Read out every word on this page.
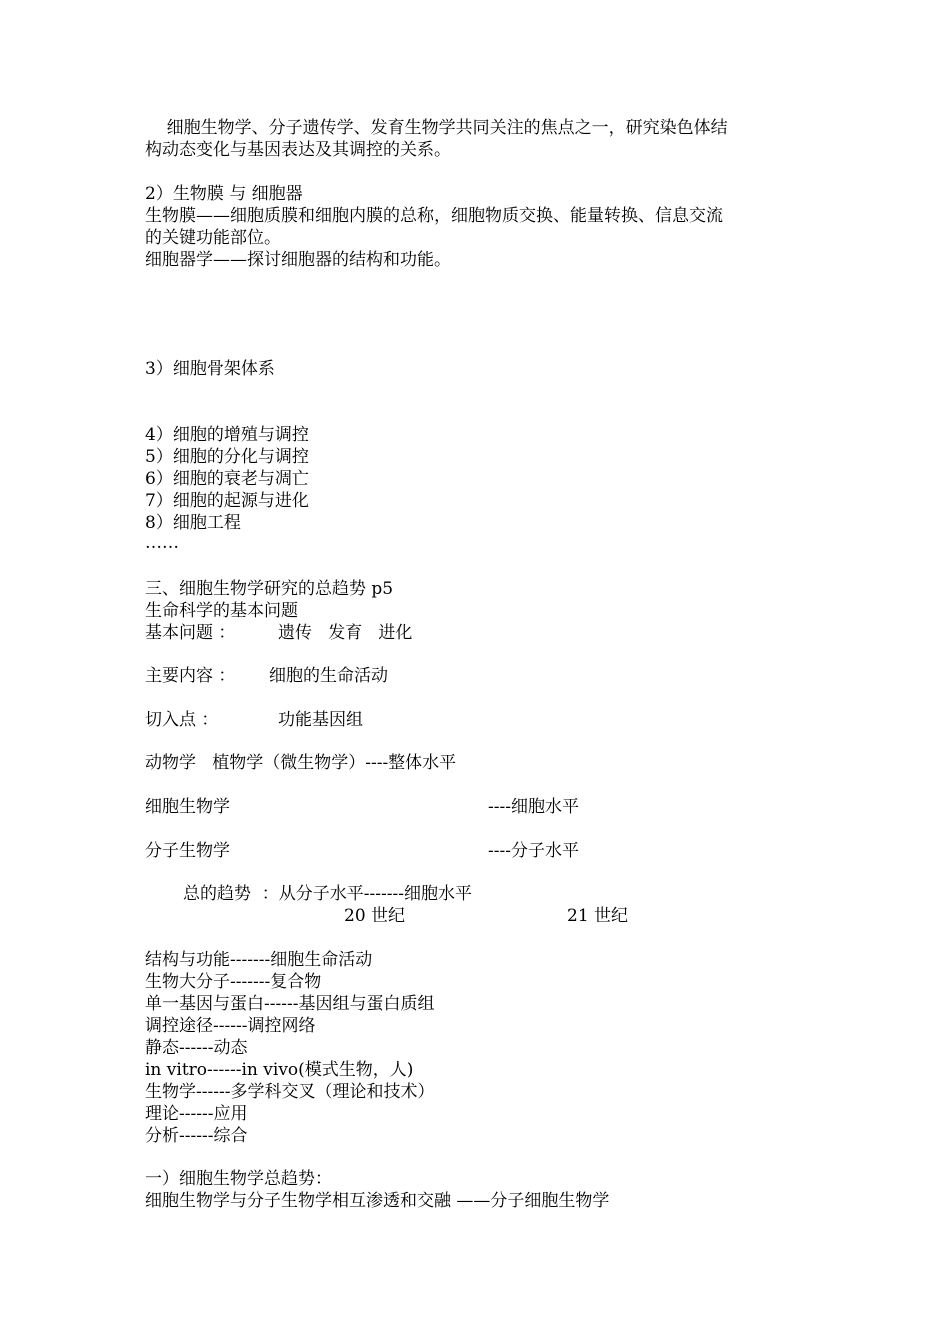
细胞生物学、分子遗传学、发育生物学共同关注的焦点之一，研究染色体结
构动态变化与基因表达及其调控的关系。
2）生物膜 与 细胞器
生物膜——细胞质膜和细胞内膜的总称，细胞物质交换、能量转换、信息交流
的关键功能部位。
细胞器学——探讨细胞器的结构和功能。
3）细胞骨架体系
4）细胞的增殖与调控
5）细胞的分化与调控
6）细胞的衰老与凋亡
7）细胞的起源与进化
8）细胞工程
……
三、细胞生物学研究的总趋势 p5
生命科学的基本问题
基本问题 ：	遗传   发育   进化
主要内容 ： 细胞的生命活动
切入点 ：	功能基因组
动物学   植物学（微生物学）----整体水平
细胞生物学	----细胞水平
分子生物学	----分子水平
总的趋势  ：从分子水平-------细胞水平
20 世纪	21 世纪
结构与功能-------细胞生命活动
生物大分子-------复合物
单一基因与蛋白------基因组与蛋白质组
调控途径------调控网络
静态------动态
in vitro------in vivo(模式生物，人)
生物学------多学科交叉（理论和技术）
理论------应用
分析------综合
一）细胞生物学总趋势：
细胞生物学与分子生物学相互渗透和交融 ——分子细胞生物学
